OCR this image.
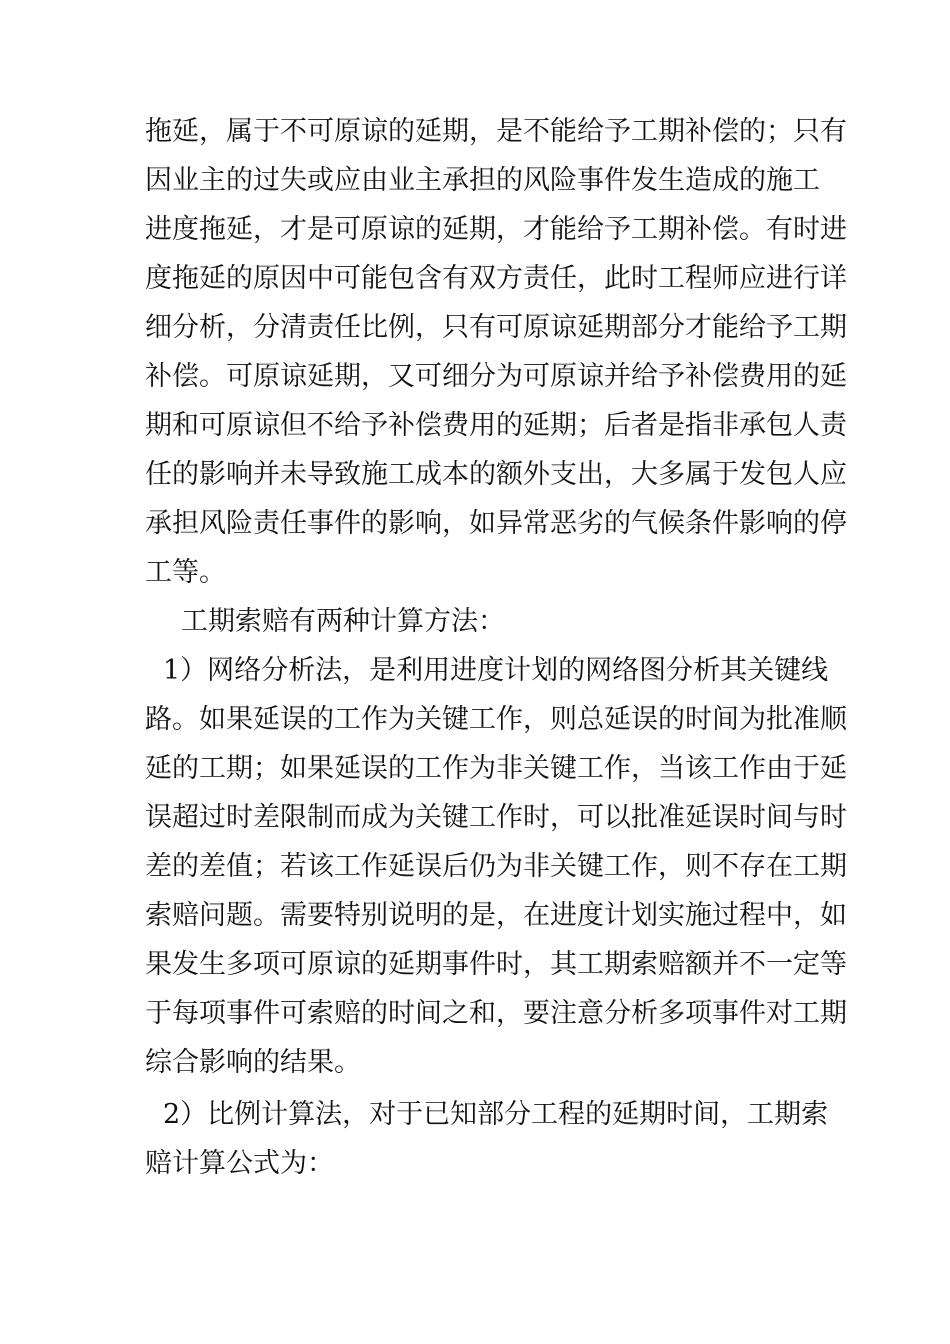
拖延，属于不可原谅的延期，是不能给予工期补偿的；只有
因业主的过失或应由业主承担的风险事件发生造成的施工
进度拖延，才是可原谅的延期，才能给予工期补偿。有时进
度拖延的原因中可能包含有双方责任，此时工程师应进行详
细分析，分清责任比例，只有可原谅延期部分才能给予工期
补偿。可原谅延期，又可细分为可原谅并给予补偿费用的延
期和可原谅但不给予补偿费用的延期；后者是指非承包人责
任的影响并未导致施工成本的额外支出，大多属于发包人应
承担风险责任事件的影响，如异常恶劣的气候条件影响的停
工等。
工期索赔有两种计算方法：
1）网络分析法，是利用进度计划的网络图分析其关键线
路。如果延误的工作为关键工作，则总延误的时间为批准顺
延的工期；如果延误的工作为非关键工作，当该工作由于延
误超过时差限制而成为关键工作时，可以批准延误时间与时
差的差值；若该工作延误后仍为非关键工作，则不存在工期
索赔问题。需要特别说明的是，在进度计划实施过程中，如
果发生多项可原谅的延期事件时，其工期索赔额并不一定等
于每项事件可索赔的时间之和，要注意分析多项事件对工期
综合影响的结果。
2）比例计算法，对于已知部分工程的延期时间，工期索
赔计算公式为：
